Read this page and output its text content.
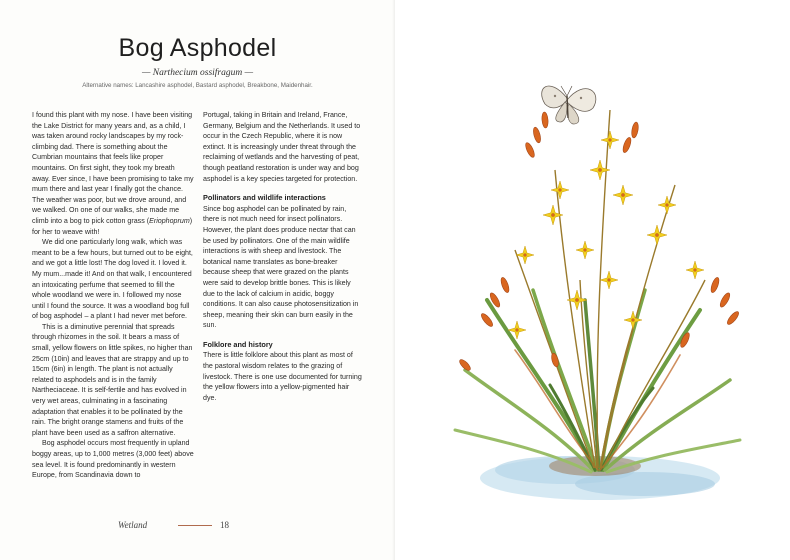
Bog Asphodel
— Narthecium ossifragum —
Alternative names: Lancashire asphodel, Bastard asphodel, Breakbone, Maidenhair.

I found this plant with my nose. I have been visiting the Lake District for many years and, as a child, I was taken around rocky landscapes by my rock-climbing dad. There is something about the Cumbrian mountains that feels like proper mountains. On first sight, they took my breath away. Ever since, I have been promising to take my mum there and last year I finally got the chance. The weather was poor, but we drove around, and we walked. On one of our walks, she made me climb into a bog to pick cotton grass (Eriophoprum) for her to weave with!

We did one particularly long walk, which was meant to be a few hours, but turned out to be eight, and we got a little lost! The dog loved it. I loved it. My mum...made it! And on that walk, I encountered an intoxicating perfume that seemed to fill the whole woodland we were in. I followed my nose until I found the source. It was a woodland bog full of bog asphodel – a plant I had never met before.

This is a diminutive perennial that spreads through rhizomes in the soil. It bears a mass of small, yellow flowers on little spikes, no higher than 25cm (10in) and leaves that are strappy and up to 15cm (6in) in length. The plant is not actually related to asphodels and is in the family Nartheciaceae. It is self-fertile and has evolved in very wet areas, culminating in a fascinating adaptation that enables it to be pollinated by the rain. The bright orange stamens and fruits of the plant have been used as a saffron alternative.

Bog asphodel occurs most frequently in upland boggy areas, up to 1,000 metres (3,000 feet) above sea level. It is found predominantly in western Europe, from Scandinavia down to

Portugal, taking in Britain and Ireland, France, Germany, Belgium and the Netherlands. It used to occur in the Czech Republic, where it is now extinct. It is increasingly under threat through the reclaiming of wetlands and the harvesting of peat, though peatland restoration is under way and bog asphodel is a key species targeted for protection.

Pollinators and wildlife interactions

Since bog asphodel can be pollinated by rain, there is not much need for insect pollinators. However, the plant does produce nectar that can be used by pollinators. One of the main wildlife interactions is with sheep and livestock. The botanical name translates as bone-breaker because sheep that were grazed on the plants were said to develop brittle bones. This is likely due to the lack of calcium in acidic, boggy conditions. It can also cause photosensitization in sheep, meaning their skin can burn easily in the sun.

Folklore and history

There is little folklore about this plant as most of the pastoral wisdom relates to the grazing of livestock. There is one use documented for turning the yellow flowers into a yellow-pigmented hair dye.

Wetland	18
